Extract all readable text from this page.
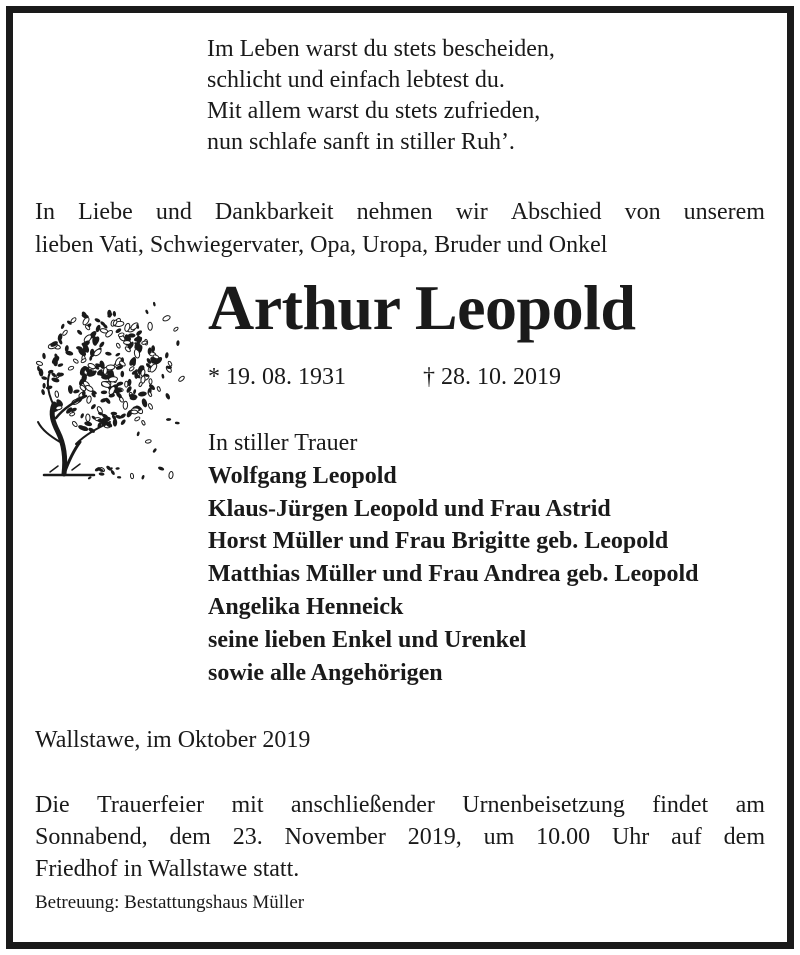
Im Leben warst du stets bescheiden,
schlicht und einfach lebtest du.
Mit allem warst du stets zufrieden,
nun schlafe sanft in stiller Ruh’.
In Liebe und Dankbarkeit nehmen wir Abschied von unserem
lieben Vati, Schwiegervater, Opa, Uropa, Bruder und Onkel
Arthur Leopold
* 19. 08. 1931	† 28. 10. 2019
In stiller Trauer
Wolfgang Leopold
Klaus-Jürgen Leopold und Frau Astrid
Horst Müller und Frau Brigitte geb. Leopold
Matthias Müller und Frau Andrea geb. Leopold
Angelika Henneick
seine lieben Enkel und Urenkel
sowie alle Angehörigen
Wallstawe, im Oktober 2019
Die Trauerfeier mit anschließender Urnenbeisetzung findet am
Sonnabend, dem 23. November 2019, um 10.00 Uhr auf dem
Friedhof in Wallstawe statt.
Betreuung: Bestattungshaus Müller
